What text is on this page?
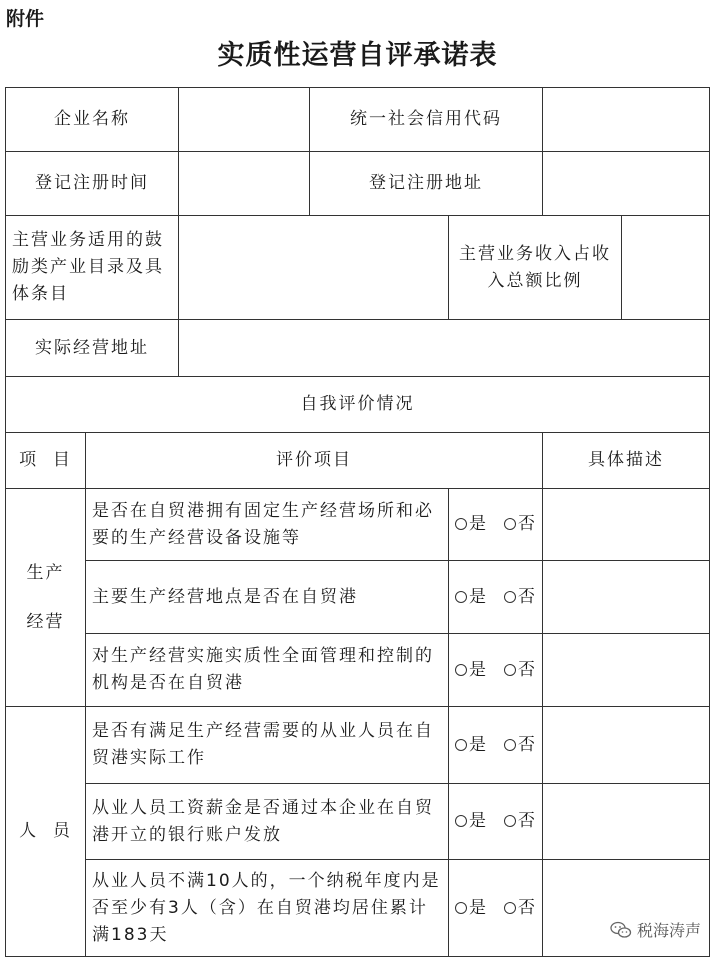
附件
实质性运营自评承诺表
企业名称			统一社会信用代码			
登记注册时间			登记注册地址			
主营业务适用的鼓励类产业目录及具体条目				主营业务收入占收入总额比例		
实际经营地址						
自我评价情况						
项  目	评价项目				具体描述	

生产
经营	是否在自贸港拥有固定生产经营场所和必要的生产经营设备设施等			是 否		
	主要生产经营地点是否在自贸港			是 否		
	对生产经营实施实质性全面管理和控制的机构是否在自贸港			是 否		
人  员	是否有满足生产经营需要的从业人员在自贸港实际工作			是 否		
	从业人员工资薪金是否通过本企业在自贸港开立的银行账户发放			是 否		
	从业人员不满10人的，一个纳税年度内是否至少有3人（含）在自贸港均居住累计满183天			是 否		
税海涛声
